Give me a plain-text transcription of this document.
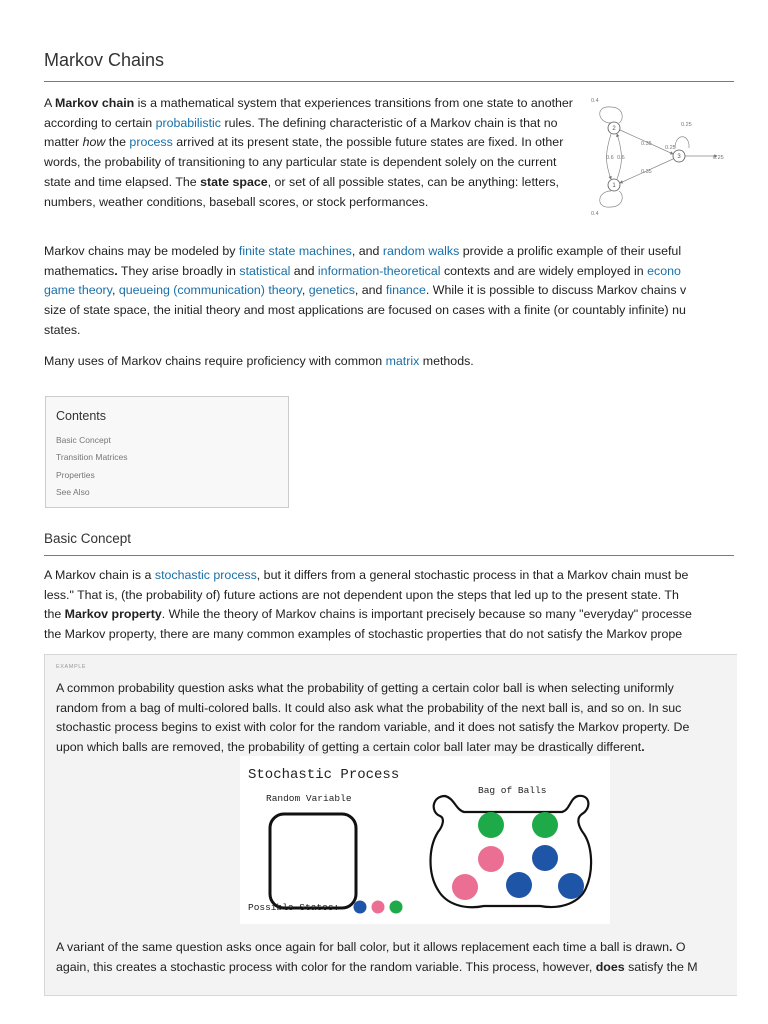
Markov Chains

A Markov chain is a mathematical system that experiences transitions from one state to another according to certain probabilistic rules. The defining characteristic of a Markov chain is that no matter how the process arrived at its present state, the possible future states are fixed. In other words, the probability of transitioning to any particular state is dependent solely on the current state and time elapsed. The state space, or set of all possible states, can be anything: letters, numbers, weather conditions, baseball scores, or stock performances.

2
3
1
0.4
0.25
0.35
0.25
0.6 0.6
0.35
0.25
0.4
Markov chains may be modeled by finite state machines, and random walks provide a prolific example of their useful
mathematics. They arise broadly in statistical and information-theoretical contexts and are widely employed in econo
game theory, queueing (communication) theory, genetics, and finance. While it is possible to discuss Markov chains v
size of state space, the initial theory and most applications are focused on cases with a finite (or countably infinite) nu
states.

Many uses of Markov chains require proficiency with common matrix methods.

Contents

Basic Concept
Transition Matrices
Properties
See Also
Basic Concept
A Markov chain is a stochastic process, but it differs from a general stochastic process in that a Markov chain must be
less." That is, (the probability of) future actions are not dependent upon the steps that led up to the present state. Th
the Markov property. While the theory of Markov chains is important precisely because so many "everyday" processe
the Markov property, there are many common examples of stochastic properties that do not satisfy the Markov prope

EXAMPLE

A common probability question asks what the probability of getting a certain color ball is when selecting uniformly
random from a bag of multi-colored balls. It could also ask what the probability of the next ball is, and so on. In suc
stochastic process begins to exist with color for the random variable, and it does not satisfy the Markov property. De
upon which balls are removed, the probability of getting a certain color ball later may be drastically different.
Stochastic Process
Random Variable
Bag of Balls
Possible States:
A variant of the same question asks once again for ball color, but it allows replacement each time a ball is drawn. O
again, this creates a stochastic process with color for the random variable. This process, however, does satisfy the M
